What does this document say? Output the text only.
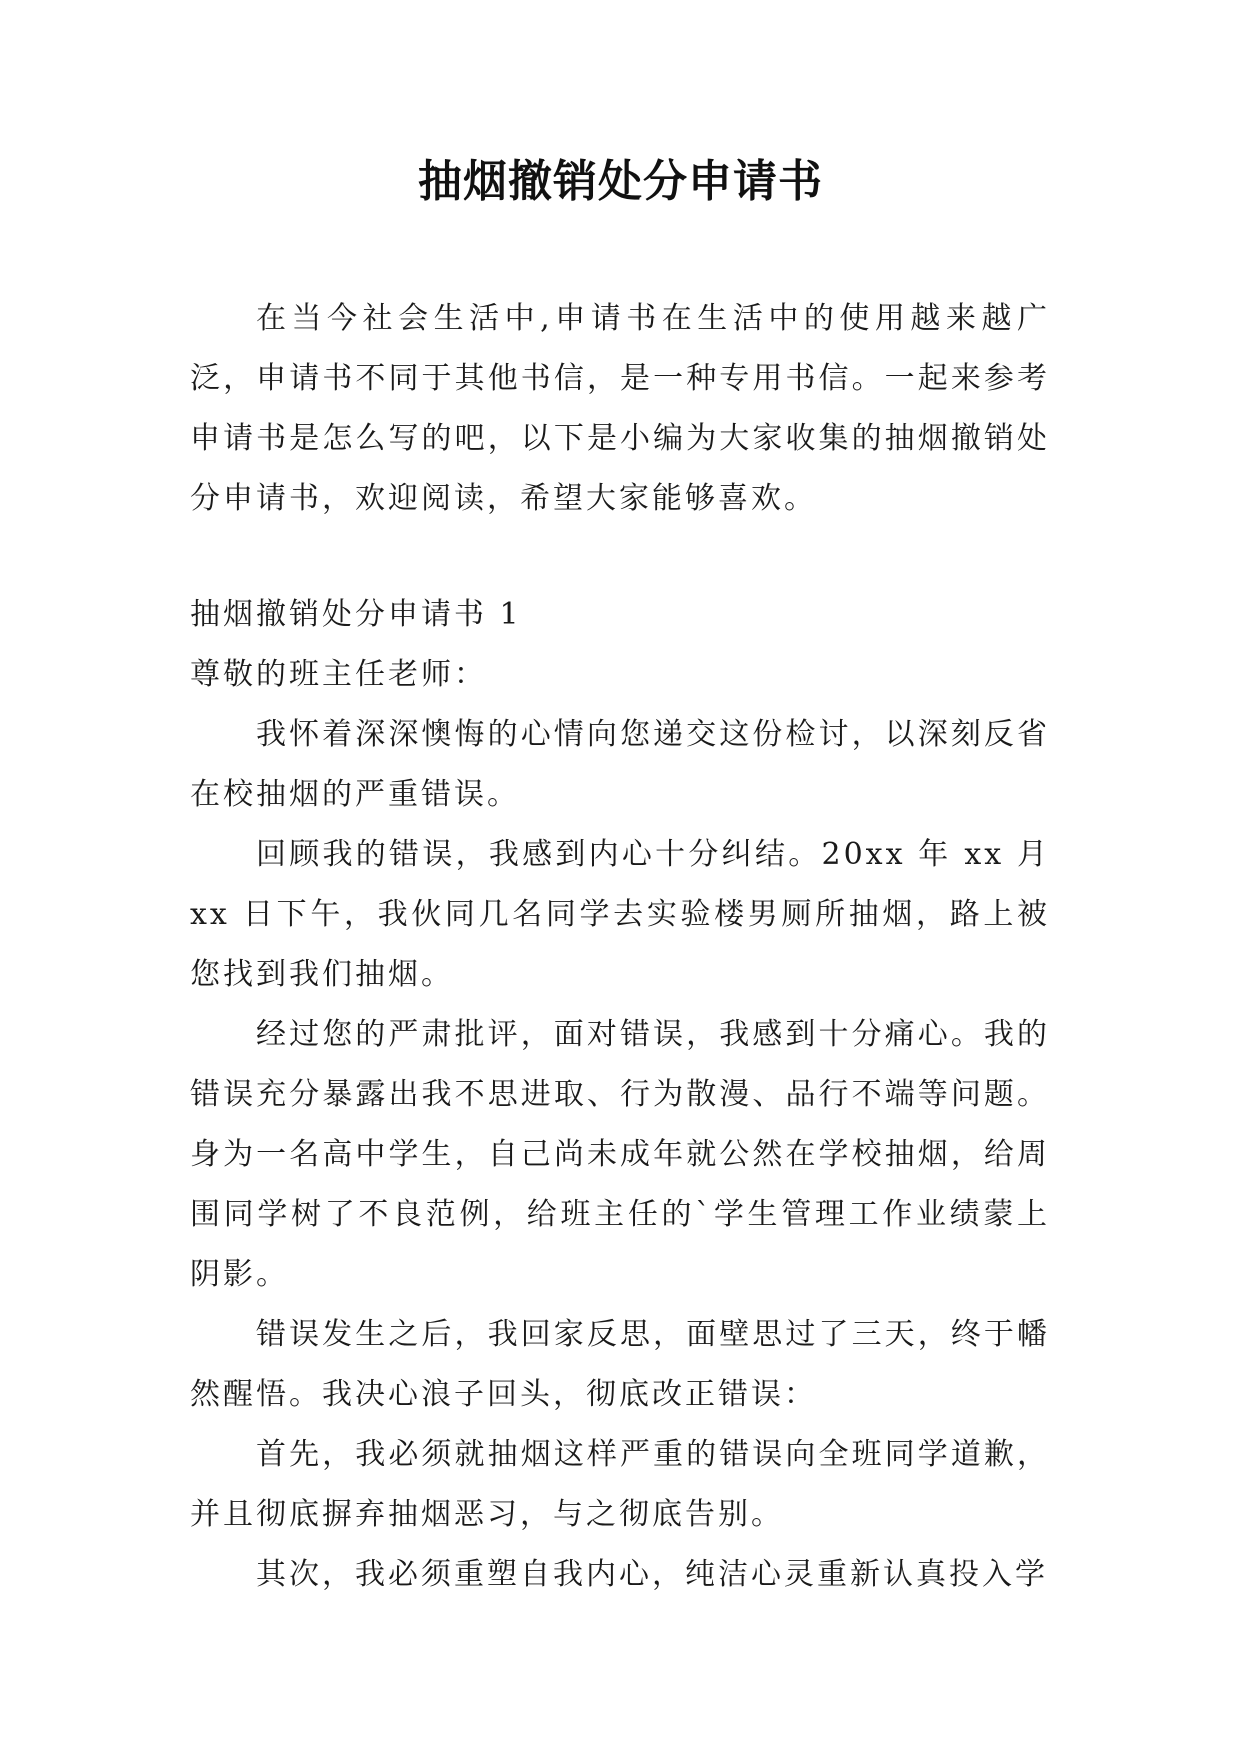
抽烟撤销处分申请书

在当今社会生活中,申请书在生活中的使用越来越广泛，申请书不同于其他书信，是一种专用书信。一起来参考申请书是怎么写的吧，以下是小编为大家收集的抽烟撤销处分申请书，欢迎阅读，希望大家能够喜欢。

抽烟撤销处分申请书 1

尊敬的班主任老师：

我怀着深深懊悔的心情向您递交这份检讨，以深刻反省在校抽烟的严重错误。

回顾我的错误，我感到内心十分纠结。20xx 年 xx 月 xx 日下午，我伙同几名同学去实验楼男厕所抽烟，路上被您找到我们抽烟。

经过您的严肃批评，面对错误，我感到十分痛心。我的错误充分暴露出我不思进取、行为散漫、品行不端等问题。身为一名高中学生，自己尚未成年就公然在学校抽烟，给周围同学树了不良范例，给班主任的`学生管理工作业绩蒙上阴影。

错误发生之后，我回家反思，面壁思过了三天，终于幡然醒悟。我决心浪子回头，彻底改正错误：

首先，我必须就抽烟这样严重的错误向全班同学道歉，并且彻底摒弃抽烟恶习，与之彻底告别。

其次，我必须重塑自我内心，纯洁心灵重新认真投入学
